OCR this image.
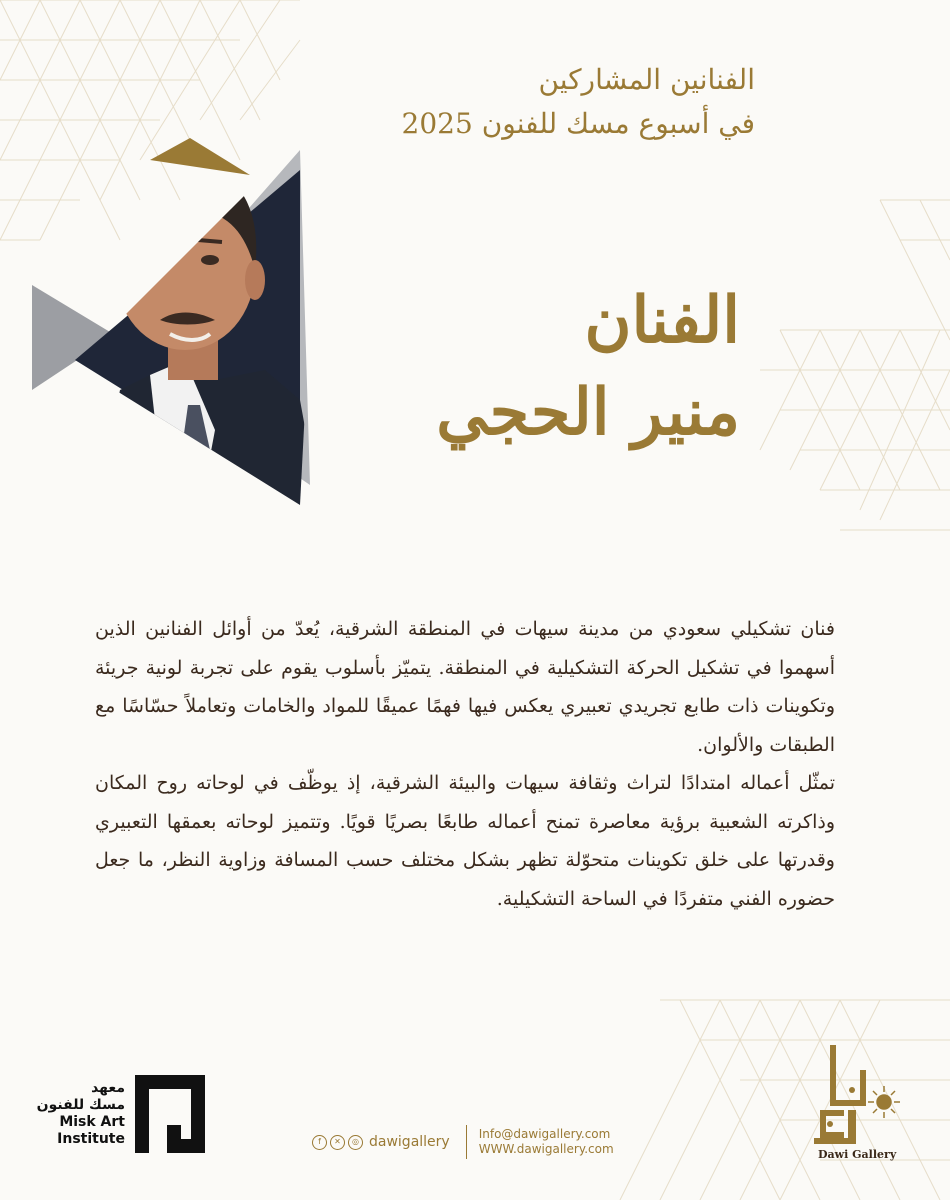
الفنانين المشاركين
في أسبوع مسك للفنون 2025
الفنان
منير الحجي

فنان تشكيلي سعودي من مدينة سيهات في المنطقة الشرقية، يُعدّ من أوائل الفنانين الذين أسهموا في تشكيل الحركة التشكيلية في المنطقة. يتميّز بأسلوب يقوم على تجربة لونية جريئة وتكوينات ذات طابع تجريدي تعبيري يعكس فيها فهمًا عميقًا للمواد والخامات وتعاملاً حسّاسًا مع الطبقات والألوان.

تمثّل أعماله امتدادًا لتراث وثقافة سيهات والبيئة الشرقية، إذ يوظّف في لوحاته روح المكان وذاكرته الشعبية برؤية معاصرة تمنح أعماله طابعًا بصريًا قويًا. وتتميز لوحاته بعمقها التعبيري وقدرتها على خلق تكوينات متحوّلة تظهر بشكل مختلف حسب المسافة وزاوية النظر، ما جعل حضوره الفني متفردًا في الساحة التشكيلية.

معهد
مسك للفنون
Misk Art
Institute	f	✕	◎ dawigallery Info@dawigallery.com
WWW.dawigallery.com	Dawi Gallery
